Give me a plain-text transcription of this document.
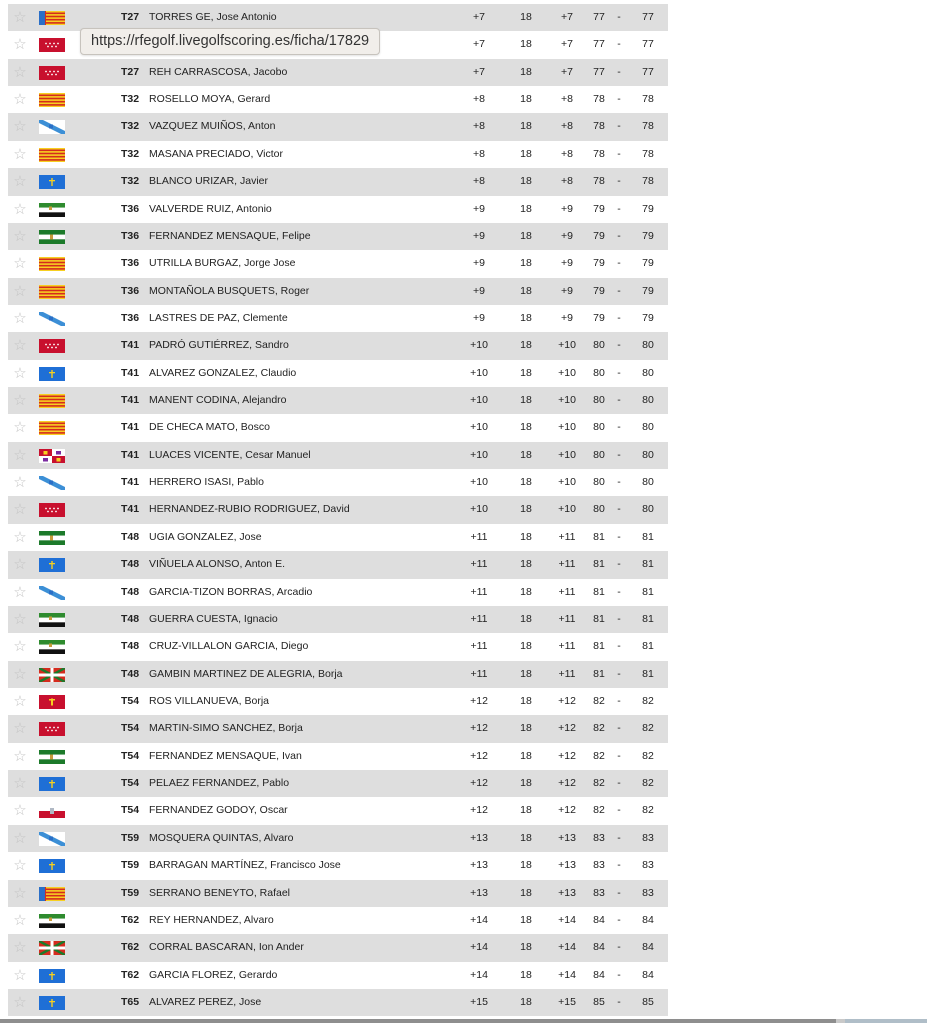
☆	T27 TORRES GE, Jose Antonio	+7	18	+7	77	-	77
☆	+7	18	+7	77	-	77
☆	T27 REH CARRASCOSA, Jacobo	+7	18	+7	77	-	77
☆	T32 ROSELLO MOYA, Gerard	+8	18	+8	78	-	78
☆	T32 VAZQUEZ MUIÑOS, Anton	+8	18	+8	78	-	78
☆	T32 MASANA PRECIADO, Victor	+8	18	+8	78	-	78
☆	T32 BLANCO URIZAR, Javier	+8	18	+8	78	-	78
☆	T36 VALVERDE RUIZ, Antonio	+9	18	+9	79	-	79
☆	T36 FERNANDEZ MENSAQUE, Felipe	+9	18	+9	79	-	79
☆	T36 UTRILLA BURGAZ, Jorge Jose	+9	18	+9	79	-	79
☆	T36 MONTAÑOLA BUSQUETS, Roger	+9	18	+9	79	-	79
☆	T36 LASTRES DE PAZ, Clemente	+9	18	+9	79	-	79
☆	T41 PADRÓ GUTIÉRREZ, Sandro	+10	18	+10	80	-	80
☆	T41 ALVAREZ GONZALEZ, Claudio	+10	18	+10	80	-	80
☆	T41 MANENT CODINA, Alejandro	+10	18	+10	80	-	80
☆	T41 DE CHECA MATO, Bosco	+10	18	+10	80	-	80
☆	T41 LUACES VICENTE, Cesar Manuel	+10	18	+10	80	-	80
☆	T41 HERRERO ISASI, Pablo	+10	18	+10	80	-	80
☆	T41 HERNANDEZ-RUBIO RODRIGUEZ, David	+10	18	+10	80	-	80
☆	T48 UGIA GONZALEZ, Jose	+11	18	+11	81	-	81
☆	T48 VIÑUELA ALONSO, Anton E.	+11	18	+11	81	-	81
☆	T48 GARCIA-TIZON BORRAS, Arcadio	+11	18	+11	81	-	81
☆	T48 GUERRA CUESTA, Ignacio	+11	18	+11	81	-	81
☆	T48 CRUZ-VILLALON GARCIA, Diego	+11	18	+11	81	-	81
☆	T48 GAMBIN MARTINEZ DE ALEGRIA, Borja	+11	18	+11	81	-	81
☆	T54 ROS VILLANUEVA, Borja	+12	18	+12	82	-	82
☆	T54 MARTIN-SIMO SANCHEZ, Borja	+12	18	+12	82	-	82
☆	T54 FERNANDEZ MENSAQUE, Ivan	+12	18	+12	82	-	82
☆	T54 PELAEZ FERNANDEZ, Pablo	+12	18	+12	82	-	82
☆	T54 FERNANDEZ GODOY, Oscar	+12	18	+12	82	-	82
☆	T59 MOSQUERA QUINTAS, Alvaro	+13	18	+13	83	-	83
☆	T59 BARRAGAN MARTÍNEZ, Francisco Jose	+13	18	+13	83	-	83
☆	T59 SERRANO BENEYTO, Rafael	+13	18	+13	83	-	83
☆	T62 REY HERNANDEZ, Alvaro	+14	18	+14	84	-	84
☆	T62 CORRAL BASCARAN, Ion Ander	+14	18	+14	84	-	84
☆	T62 GARCIA FLOREZ, Gerardo	+14	18	+14	84	-	84
☆	T65 ALVAREZ PEREZ, Jose	+15	18	+15	85	-	85
https://rfegolf.livegolfscoring.es/ficha/17829
